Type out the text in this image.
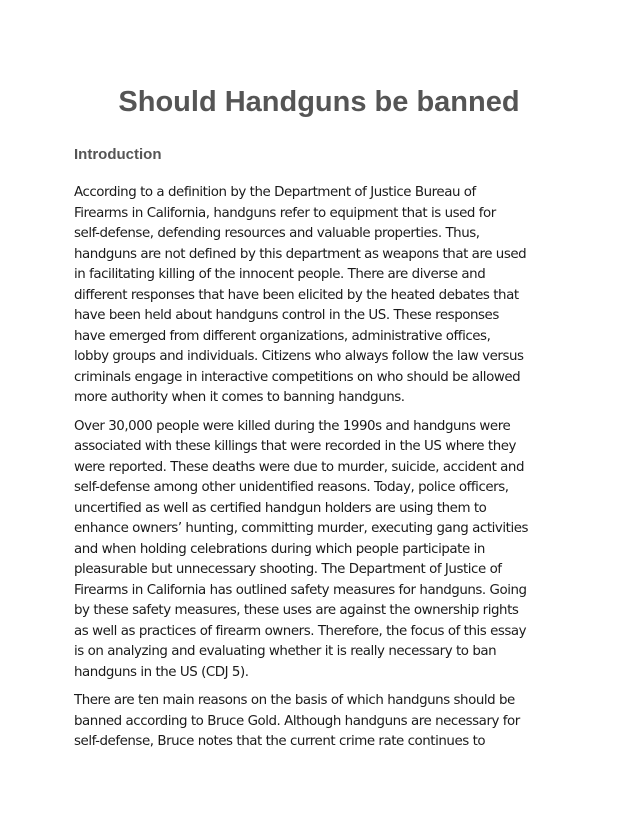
Should Handguns be banned
Introduction

According to a definition by the Department of Justice Bureau of
Firearms in California, handguns refer to equipment that is used for
self-defense, defending resources and valuable properties. Thus,
handguns are not defined by this department as weapons that are used
in facilitating killing of the innocent people. There are diverse and
different responses that have been elicited by the heated debates that
have been held about handguns control in the US. These responses
have emerged from different organizations, administrative offices,
lobby groups and individuals. Citizens who always follow the law versus
criminals engage in interactive competitions on who should be allowed
more authority when it comes to banning handguns.

Over 30,000 people were killed during the 1990s and handguns were
associated with these killings that were recorded in the US where they
were reported. These deaths were due to murder, suicide, accident and
self-defense among other unidentified reasons. Today, police officers,
uncertified as well as certified handgun holders are using them to
enhance owners’ hunting, committing murder, executing gang activities
and when holding celebrations during which people participate in
pleasurable but unnecessary shooting. The Department of Justice of
Firearms in California has outlined safety measures for handguns. Going
by these safety measures, these uses are against the ownership rights
as well as practices of firearm owners. Therefore, the focus of this essay
is on analyzing and evaluating whether it is really necessary to ban
handguns in the US (CDJ 5).

There are ten main reasons on the basis of which handguns should be
banned according to Bruce Gold. Although handguns are necessary for
self-defense, Bruce notes that the current crime rate continues to
